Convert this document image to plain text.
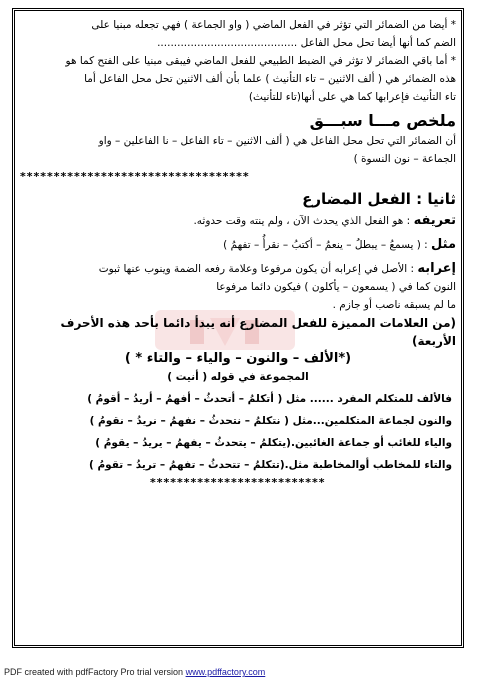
* أيضا من الضمائر التي تؤثر في الفعل الماضي ( واو الجماعة ) فهي تجعله مبنيا على

الضم كما أنها أيضا تحل محل الفاعل ..........................................

* أما باقي الضمائر لا تؤثر في الضبط الطبيعي للفعل الماضي فيبقى مبنيا على الفتح كما هو

هذه الضمائر هي ( ألف الاثنين – تاء التأنيث ) علما بأن ألف الاثنين تحل محل الفاعل أما

تاء التأنيث فإعرابها كما هي على أنها(تاء للتأنيث)

ملخص مـــا سبـــق

أن الضمائر التي تحل محل الفاعل هي ( ألف الاثنين – تاء الفاعل – نا الفاعلين – واو

الجماعة – نون النسوة )

**********************************
ثانيا : الفعل المضارع

تعريفه : هو الفعل الذي يحدث الآن ، ولم ينته وقت حدوثه.

مثل : ( يسمعُ – يبطلُ – ينعمُ – أكتبُ – نقرأُ – تفهمُ )

إعرابه : الأصل في إعرابه أن يكون مرفوعا وعلامة رفعه الضمة وينوب عنها ثبوت

النون كما في ( يسمعون – يأكلون ) فيكون دائما مرفوعا

ما لم يسبقه ناصب أو جازم .

(من العلامات المميزة للفعل المضارع أنه يبدأ دائما بأحد هذه الأحرف الأربعة)

(*الألف – والنون – والياء – والتاء * )

المجموعة في قوله ( أنيت )

فالألف للمتكلم المفرد ...... مثل ( أتكلمُ – أتحدثُ – أفهمُ – أريدُ – أقومُ )

والنون لجماعة المتكلمين...مثل ( نتكلمُ – نتحدثُ – نفهمُ – نريدُ – نقومُ )

والياء للغائب أو جماعة الغائبين.(يتكلمُ – يتحدثُ – يفهمُ – يريدُ – يقومُ )

والتاء للمخاطب أوالمخاطبة مثل.(تتكلمُ – تتحدثُ – تفهمُ – تريدُ – تقومُ )

**************************
PDF created with pdfFactory Pro trial version www.pdffactory.com
